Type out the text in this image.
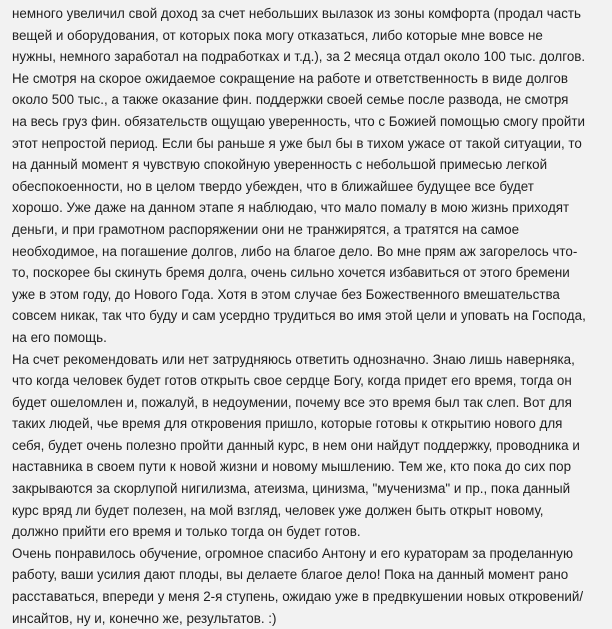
немного увеличил свой доход за счет небольших вылазок из зоны комфорта (продал часть
вещей и оборудования, от которых пока могу отказаться, либо которые мне вовсе не
нужны, немного заработал на подработках и т.д.), за 2 месяца отдал около 100 тыс. долгов.
Не смотря на скорое ожидаемое сокращение на работе и ответственность в виде долгов
около 500 тыс., а также оказание фин. поддержки своей семье после развода, не смотря
на весь груз фин. обязательств ощущаю уверенность, что с Божией помощью смогу пройти
этот непростой период. Если бы раньше я уже был бы в тихом ужасе от такой ситуации, то
на данный момент я чувствую спокойную уверенность с небольшой примесью легкой
обеспокоенности, но в целом твердо убежден, что в ближайшее будущее все будет
хорошо. Уже даже на данном этапе я наблюдаю, что мало помалу в мою жизнь приходят
деньги, и при грамотном распоряжении они не транжирятся, а тратятся на самое
необходимое, на погашение долгов, либо на благое дело. Во мне прям аж загорелось что-
то, поскорее бы скинуть бремя долга, очень сильно хочется избавиться от этого бремени
уже в этом году, до Нового Года. Хотя в этом случае без Божественного вмешательства
совсем никак, так что буду и сам усердно трудиться во имя этой цели и уповать на Господа,
на его помощь.
На счет рекомендовать или нет затрудняюсь ответить однозначно. Знаю лишь наверняка,
что когда человек будет готов открыть свое сердце Богу, когда придет его время, тогда он
будет ошеломлен и, пожалуй, в недоумении, почему все это время был так слеп. Вот для
таких людей, чье время для откровения пришло, которые готовы к открытию нового для
себя, будет очень полезно пройти данный курс, в нем они найдут поддержку, проводника и
наставника в своем пути к новой жизни и новому мышлению. Тем же, кто пока до сих пор
закрываются за скорлупой нигилизма, атеизма, цинизма, "мученизма" и пр., пока данный
курс вряд ли будет полезен, на мой взгляд, человек уже должен быть открыт новому,
должно прийти его время и только тогда он будет готов.
Очень понравилось обучение, огромное спасибо Антону и его кураторам за проделанную
работу, ваши усилия дают плоды, вы делаете благое дело! Пока на данный момент рано
расставаться, впереди у меня 2-я ступень, ожидаю уже в предвкушении новых откровений/
инсайтов, ну и, конечно же, результатов. :)
